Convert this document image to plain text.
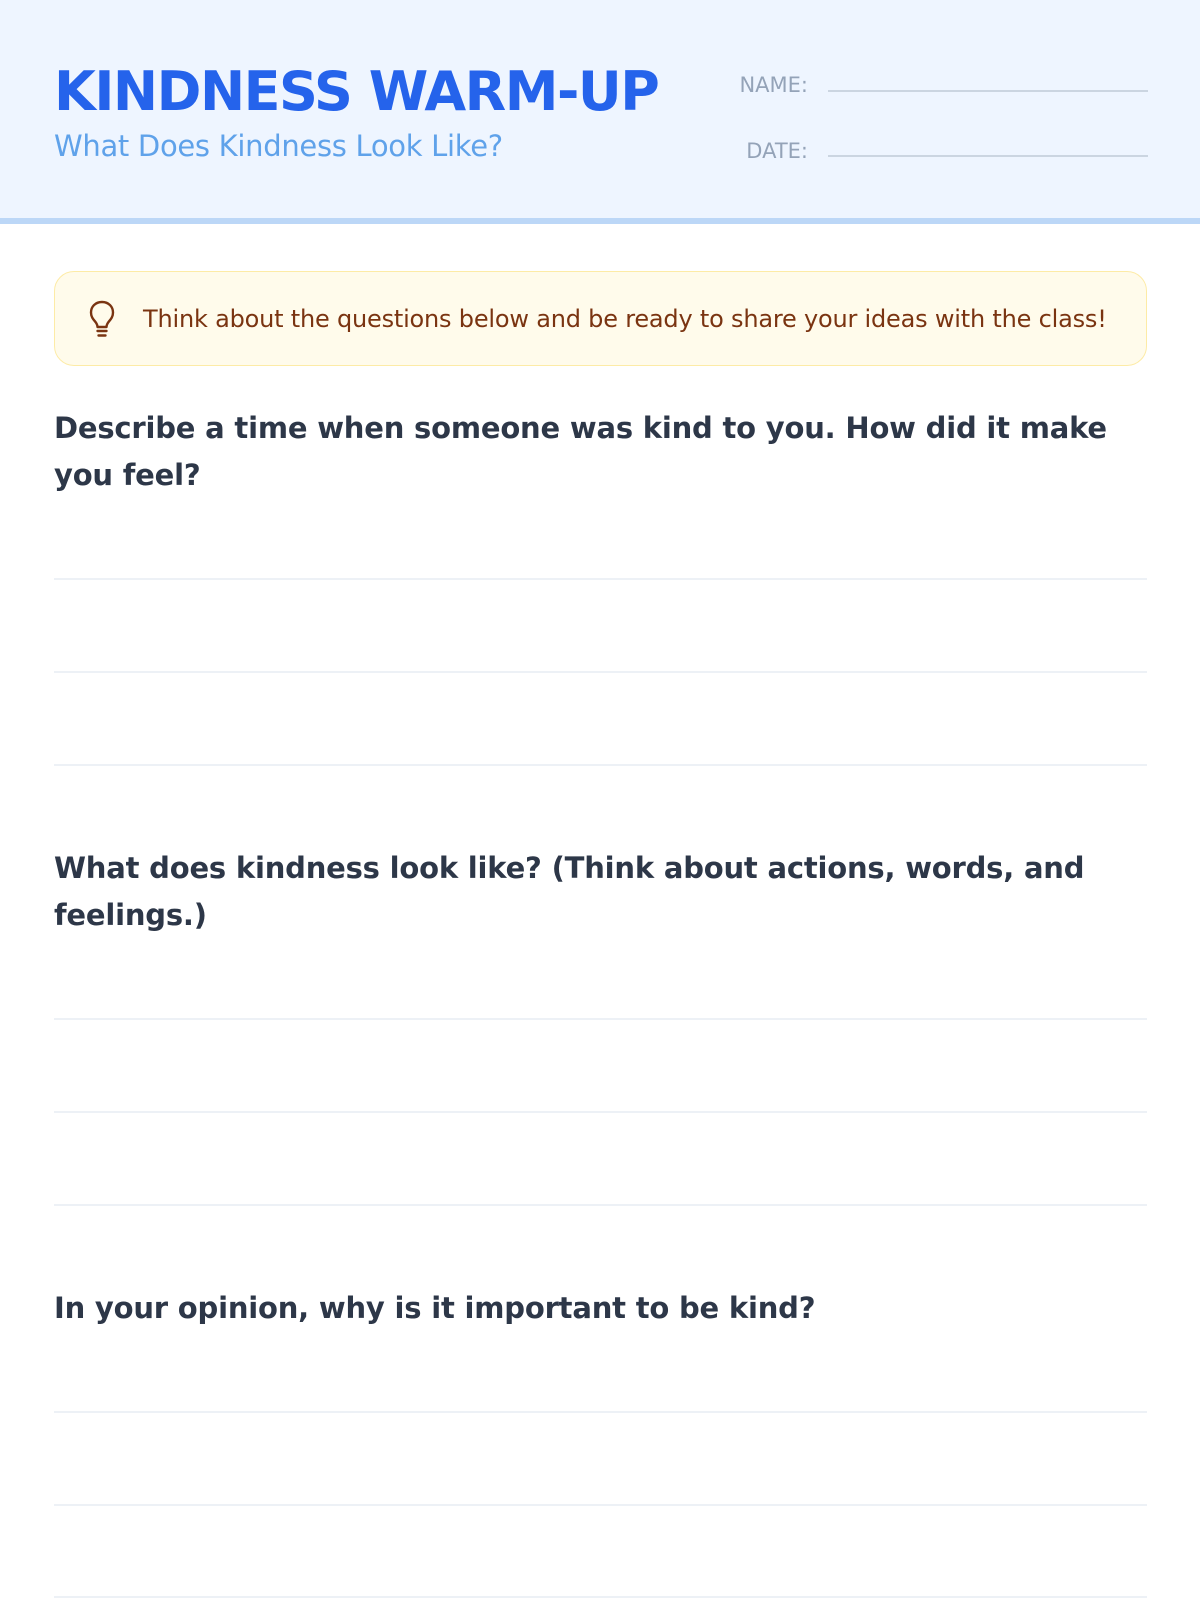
KINDNESS WARM-UP
What Does Kindness Look Like?
NAME:
DATE:
Think about the questions below and be ready to share your ideas with the class!

Describe a time when someone was kind to you. How did it make you feel?

What does kindness look like? (Think about actions, words, and feelings.)

In your opinion, why is it important to be kind?
